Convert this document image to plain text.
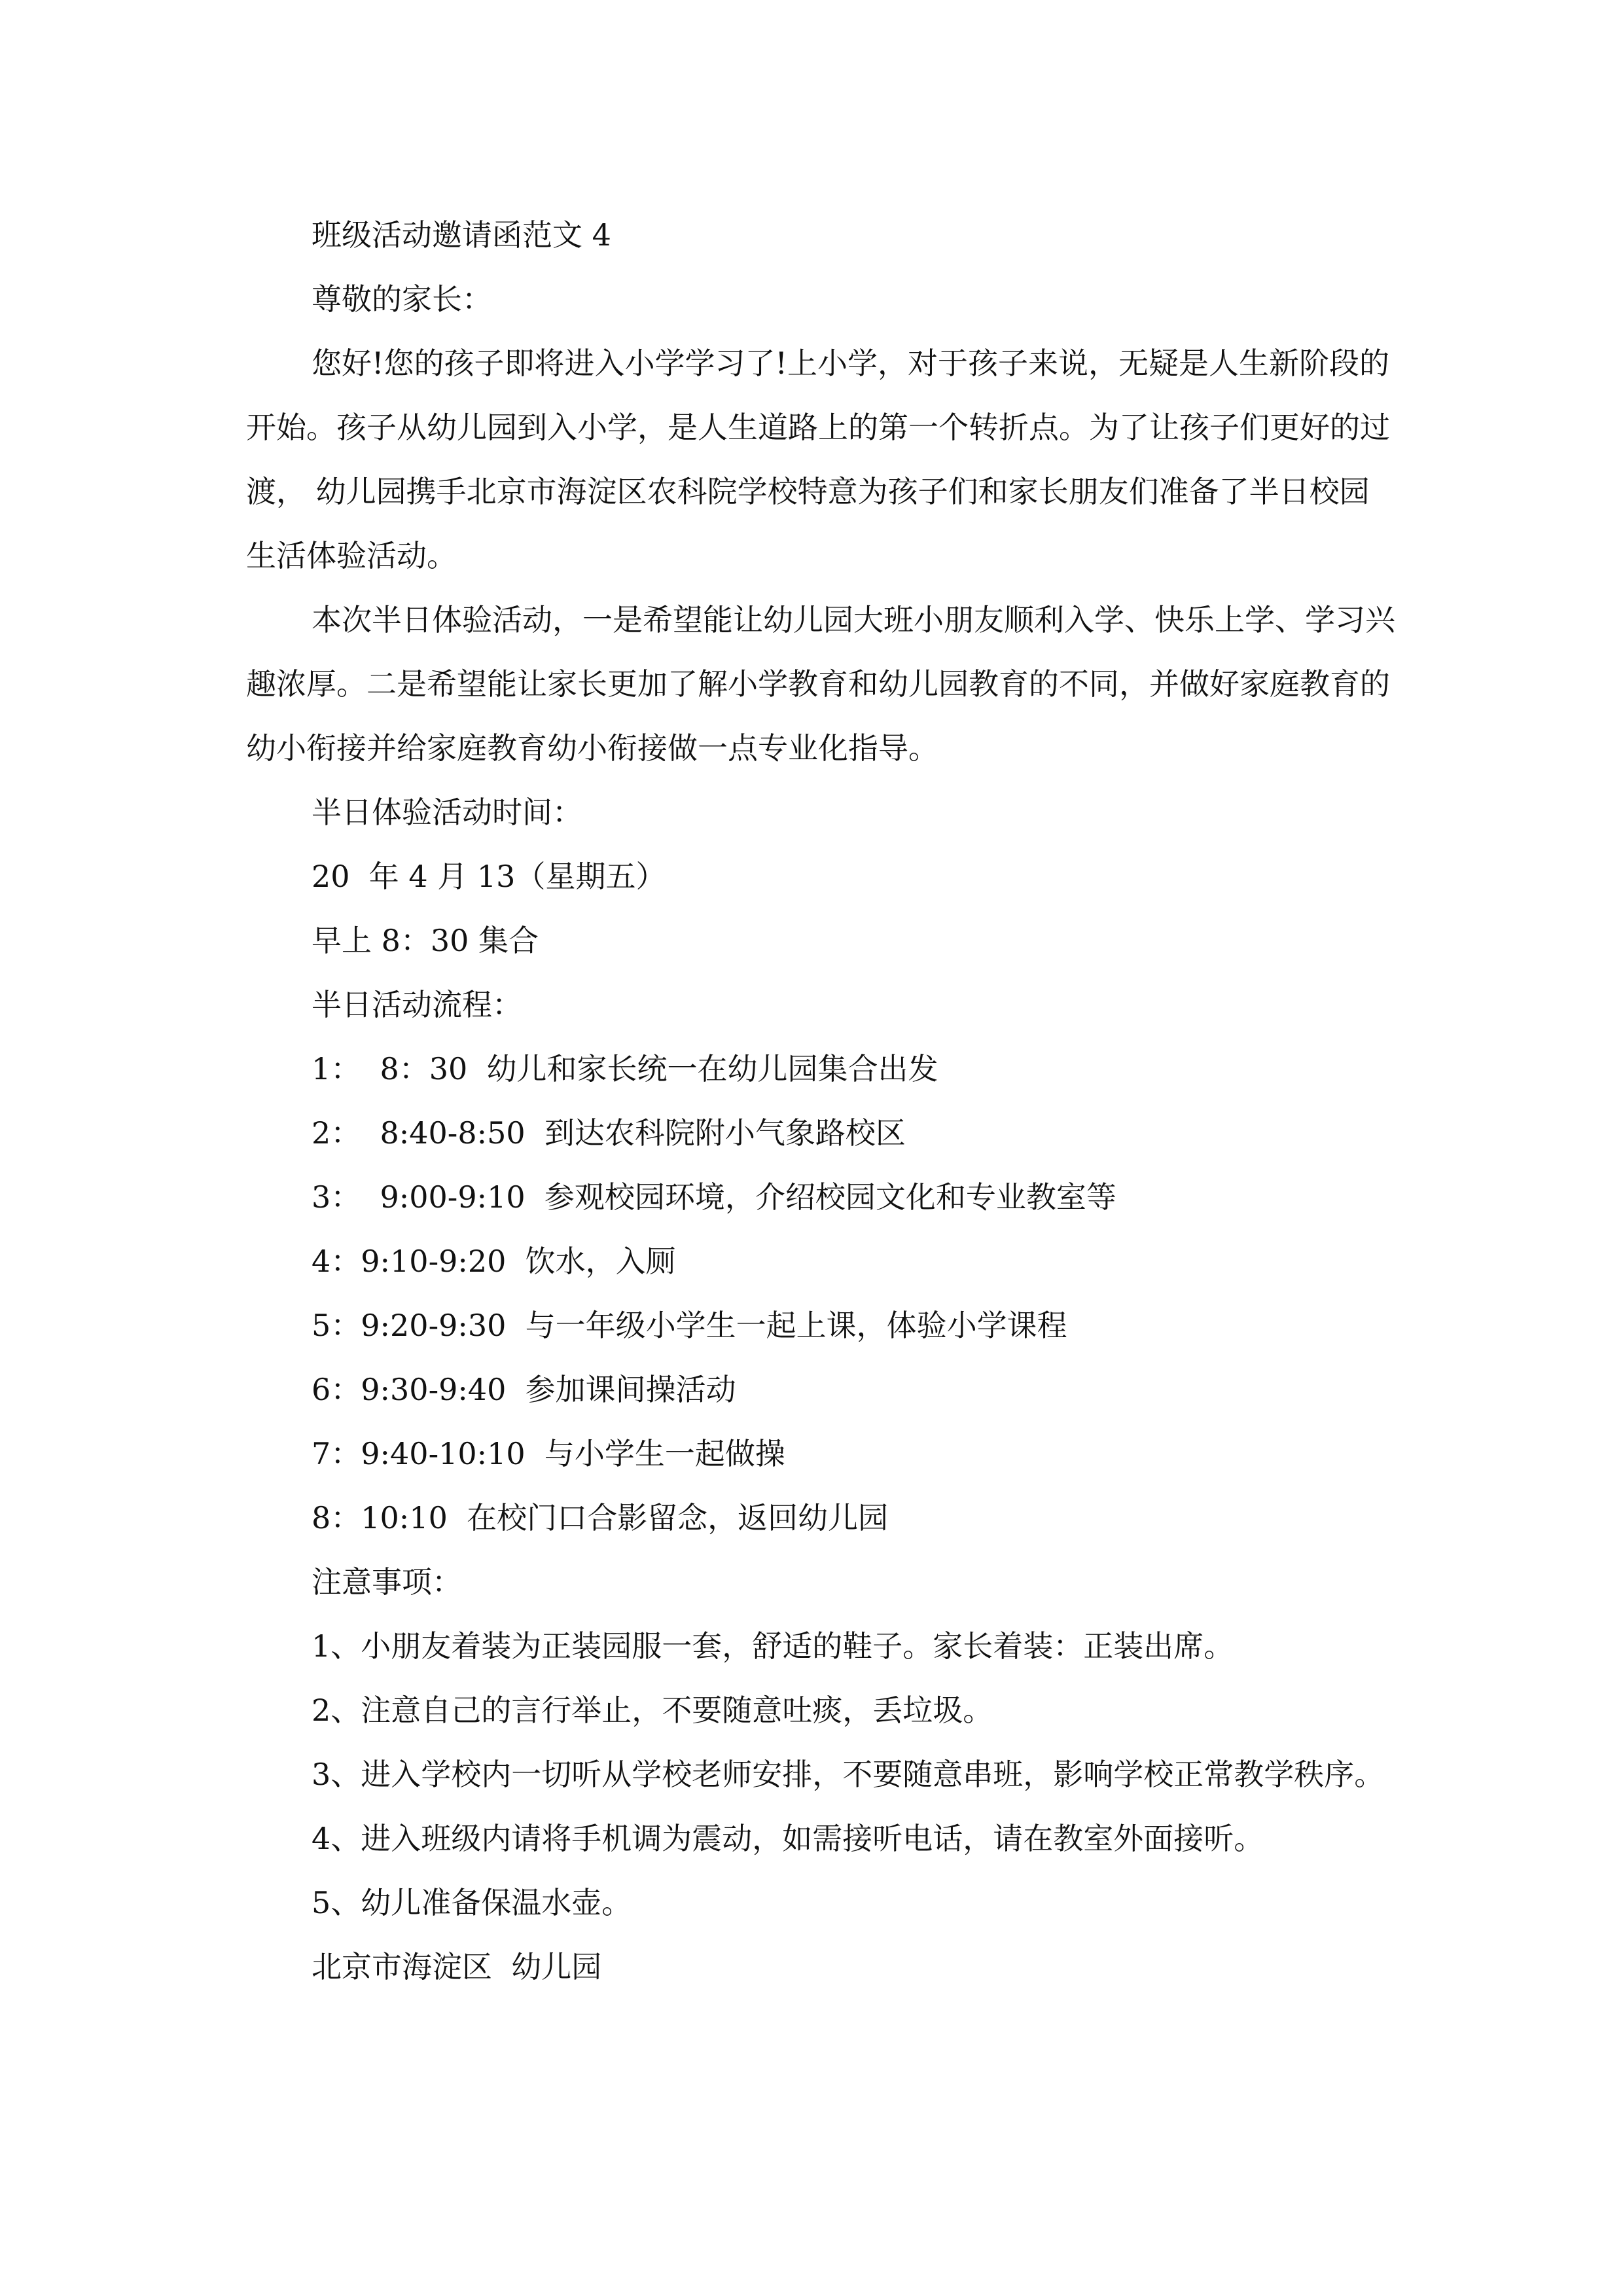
班级活动邀请函范文 4

尊敬的家长：

您好!您的孩子即将进入小学学习了!上小学，对于孩子来说，无疑是人生新阶段的开始。孩子从幼儿园到入小学，是人生道路上的第一个转折点。为了让孩子们更好的过渡， 幼儿园携手北京市海淀区农科院学校特意为孩子们和家长朋友们准备了半日校园生活体验活动。

本次半日体验活动，一是希望能让幼儿园大班小朋友顺利入学、快乐上学、学习兴趣浓厚。二是希望能让家长更加了解小学教育和幼儿园教育的不同，并做好家庭教育的幼小衔接并给家庭教育幼小衔接做一点专业化指导。

半日体验活动时间：

20  年 4 月 13（星期五）

早上 8：30 集合

半日活动流程：

1：  8：30  幼儿和家长统一在幼儿园集合出发

2：  8:40-8:50  到达农科院附小气象路校区

3：  9:00-9:10  参观校园环境，介绍校园文化和专业教室等

4：9:10-9:20  饮水，入厕

5：9:20-9:30  与一年级小学生一起上课，体验小学课程

6：9:30-9:40  参加课间操活动

7：9:40-10:10  与小学生一起做操

8：10:10  在校门口合影留念，返回幼儿园

注意事项：

1、小朋友着装为正装园服一套，舒适的鞋子。家长着装：正装出席。

2、注意自己的言行举止，不要随意吐痰，丢垃圾。

3、进入学校内一切听从学校老师安排，不要随意串班，影响学校正常教学秩序。

4、进入班级内请将手机调为震动，如需接听电话，请在教室外面接听。

5、幼儿准备保温水壶。

北京市海淀区  幼儿园
